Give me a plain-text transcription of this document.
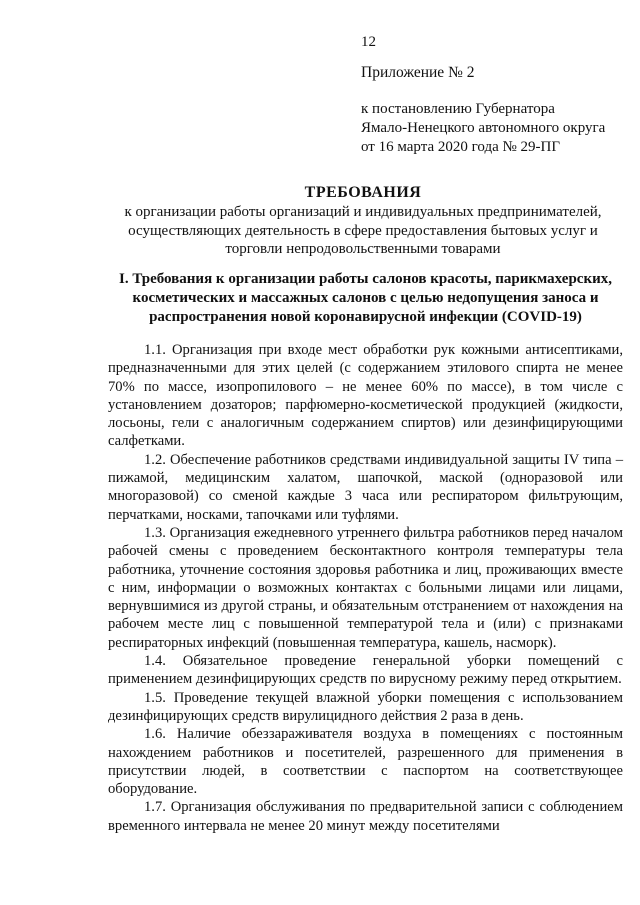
12
Приложение № 2
к постановлению Губернатора
Ямало-Ненецкого автономного округа
от 16 марта 2020 года № 29-ПГ
ТРЕБОВАНИЯ
к организации работы организаций и индивидуальных предпринимателей, осуществляющих деятельность в сфере предоставления бытовых услуг и торговли непродовольственными товарами
I. Требования к организации работы салонов красоты, парикмахерских, косметических и массажных салонов с целью недопущения заноса и распространения новой коронавирусной инфекции (COVID-19)

1.1. Организация при входе мест обработки рук кожными антисептиками, предназначенными для этих целей (с содержанием этилового спирта не менее 70% по массе, изопропилового – не менее 60% по массе), в том числе с установлением дозаторов; парфюмерно-косметической продукцией (жидкости, лосьоны, гели с аналогичным содержанием спиртов) или дезинфицирующими салфетками.

1.2. Обеспечение работников средствами индивидуальной защиты IV типа – пижамой, медицинским халатом, шапочкой, маской (одноразовой или многоразовой) со сменой каждые 3 часа или респиратором фильтрующим, перчатками, носками, тапочками или туфлями.

1.3. Организация ежедневного утреннего фильтра работников перед началом рабочей смены с проведением бесконтактного контроля температуры тела работника, уточнение состояния здоровья работника и лиц, проживающих вместе с ним, информации о возможных контактах с больными лицами или лицами, вернувшимися из другой страны, и обязательным отстранением от нахождения на рабочем месте лиц с повышенной температурой тела и (или) с признаками респираторных инфекций (повышенная температура, кашель, насморк).

1.4. Обязательное проведение генеральной уборки помещений с применением дезинфицирующих средств по вирусному режиму перед открытием.

1.5. Проведение текущей влажной уборки помещения с использованием дезинфицирующих средств вирулицидного действия 2 раза в день.

1.6. Наличие обеззараживателя воздуха в помещениях с постоянным нахождением работников и посетителей, разрешенного для применения в присутствии людей, в соответствии с паспортом на соответствующее оборудование.

1.7. Организация обслуживания по предварительной записи с соблюдением временного интервала не менее 20 минут между посетителями
